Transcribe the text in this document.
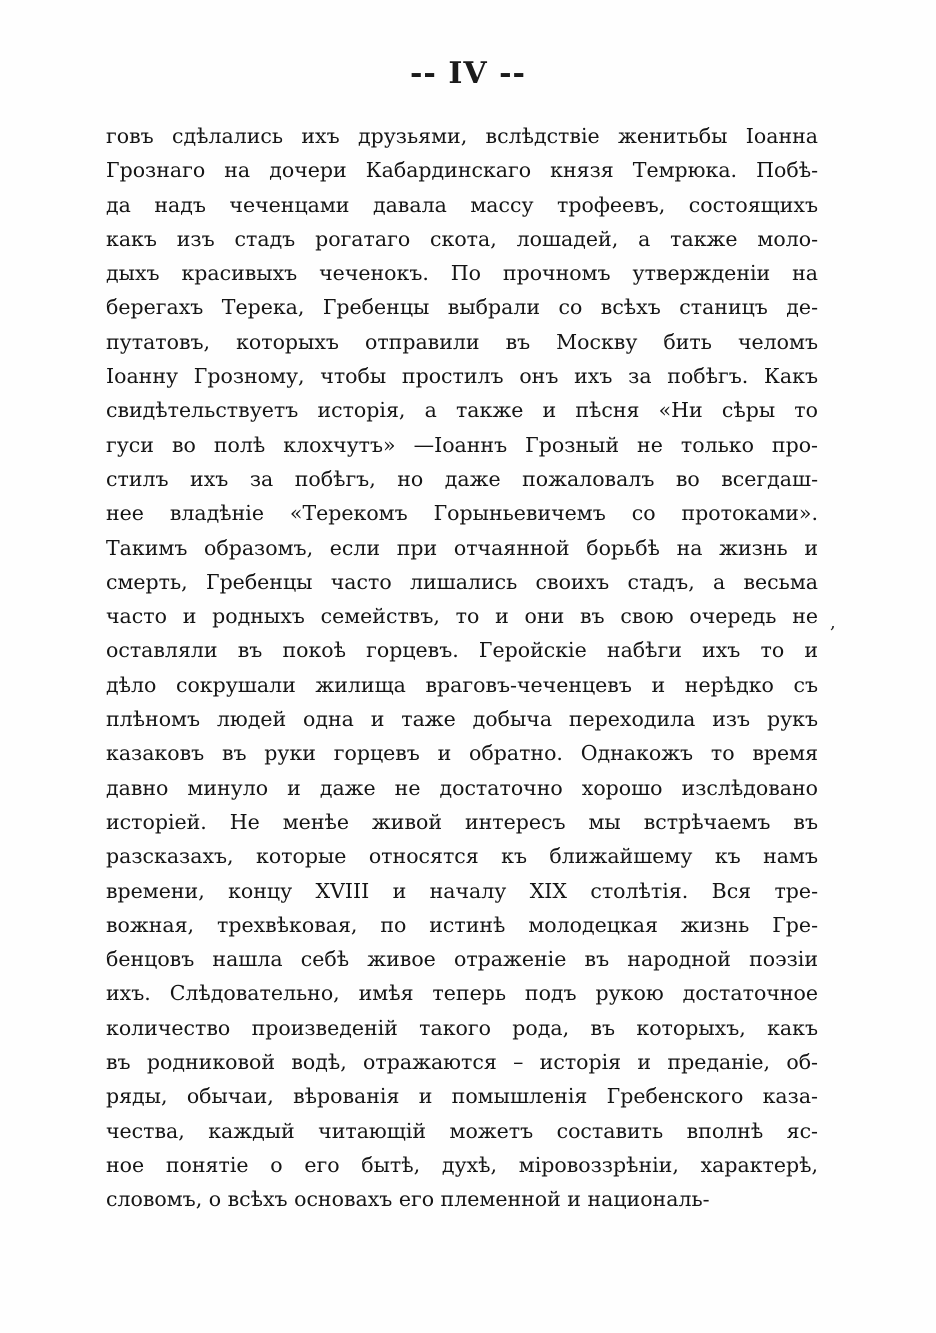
-- IV --
говъ сдѣлались ихъ друзьями, вслѣдствіе женитьбы Іоанна
Грознаго на дочери Кабардинскаго князя Темрюка. Побѣ-
да надъ чеченцами давала массу трофеевъ, состоящихъ
какъ изъ стадъ рогатаго скота, лошадей, а также моло-
дыхъ красивыхъ чеченокъ. По прочномъ утвержденіи на
берегахъ Терека, Гребенцы выбрали со всѣхъ станицъ де-
путатовъ, которыхъ отправили въ Москву бить челомъ
Іоанну Грозному, чтобы простилъ онъ ихъ за побѣгъ. Какъ
свидѣтельствуетъ исторія, а также и пѣсня «Ни сѣры то
гуси во полѣ клохчутъ» —Іоаннъ Грозный не только про-
стилъ ихъ за побѣгъ, но даже пожаловалъ во всегдаш-
нее владѣніе «Терекомъ Горыньевичемъ со протоками».
Такимъ образомъ, если при отчаянной борьбѣ на жизнь и
смерть, Гребенцы часто лишались своихъ стадъ, а весьма
часто и родныхъ семействъ, то и они въ свою очередь не
оставляли въ покоѣ горцевъ. Геройскіе набѣги ихъ то и
дѣло сокрушали жилища враговъ-чеченцевъ и нерѣдко съ
плѣномъ людей одна и таже добыча переходила изъ рукъ
казаковъ въ руки горцевъ и обратно. Однакожъ то время
давно минуло и даже не достаточно хорошо изслѣдовано
исторіей. Не менѣе живой интересъ мы встрѣчаемъ въ
разсказахъ, которые относятся къ ближайшему къ намъ
времени, концу XVIII и началу XIX столѣтія. Вся тре-
вожная, трехвѣковая, по истинѣ молодецкая жизнь Гре-
бенцовъ нашла себѣ живое отраженіе въ народной поэзіи
ихъ. Слѣдовательно, имѣя теперь подъ рукою достаточное
количество произведеній такого рода, въ которыхъ, какъ
въ родниковой водѣ, отражаются – исторія и преданіе, об-
ряды, обычаи, вѣрованія и помышленія Гребенского каза-
чества, каждый читающій можетъ составить вполнѣ яс-
ное понятіе о его бытѣ, духѣ, міровоззрѣніи, характерѣ,
словомъ, о всѣхъ основахъ его племенной и националь-
,
